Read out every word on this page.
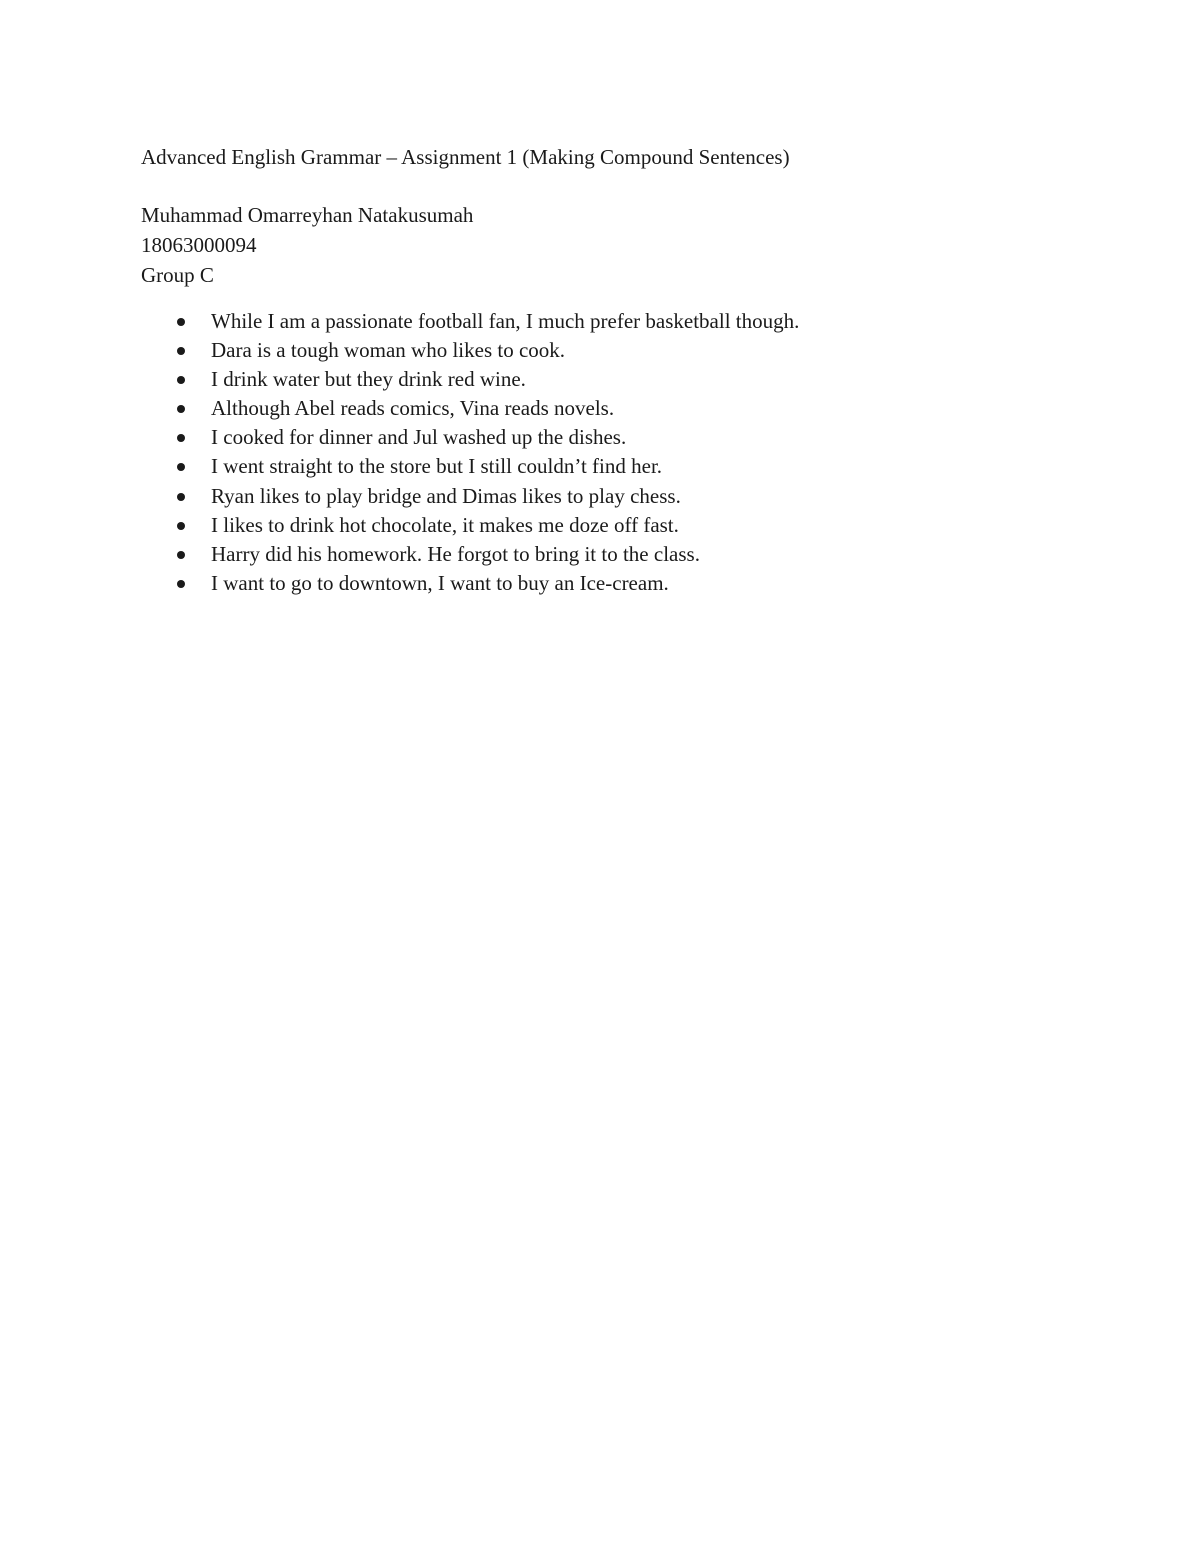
Advanced English Grammar – Assignment 1 (Making Compound Sentences)
Muhammad Omarreyhan Natakusumah
18063000094
Group C
While I am a passionate football fan, I much prefer basketball though.
Dara is a tough woman who likes to cook.
I drink water but they drink red wine.
Although Abel reads comics, Vina reads novels.
I cooked for dinner and Jul washed up the dishes.
I went straight to the store but I still couldn’t find her.
Ryan likes to play bridge and Dimas likes to play chess.
I likes to drink hot chocolate, it makes me doze off fast.
Harry did his homework. He forgot to bring it to the class.
I want to go to downtown, I want to buy an Ice-cream.
